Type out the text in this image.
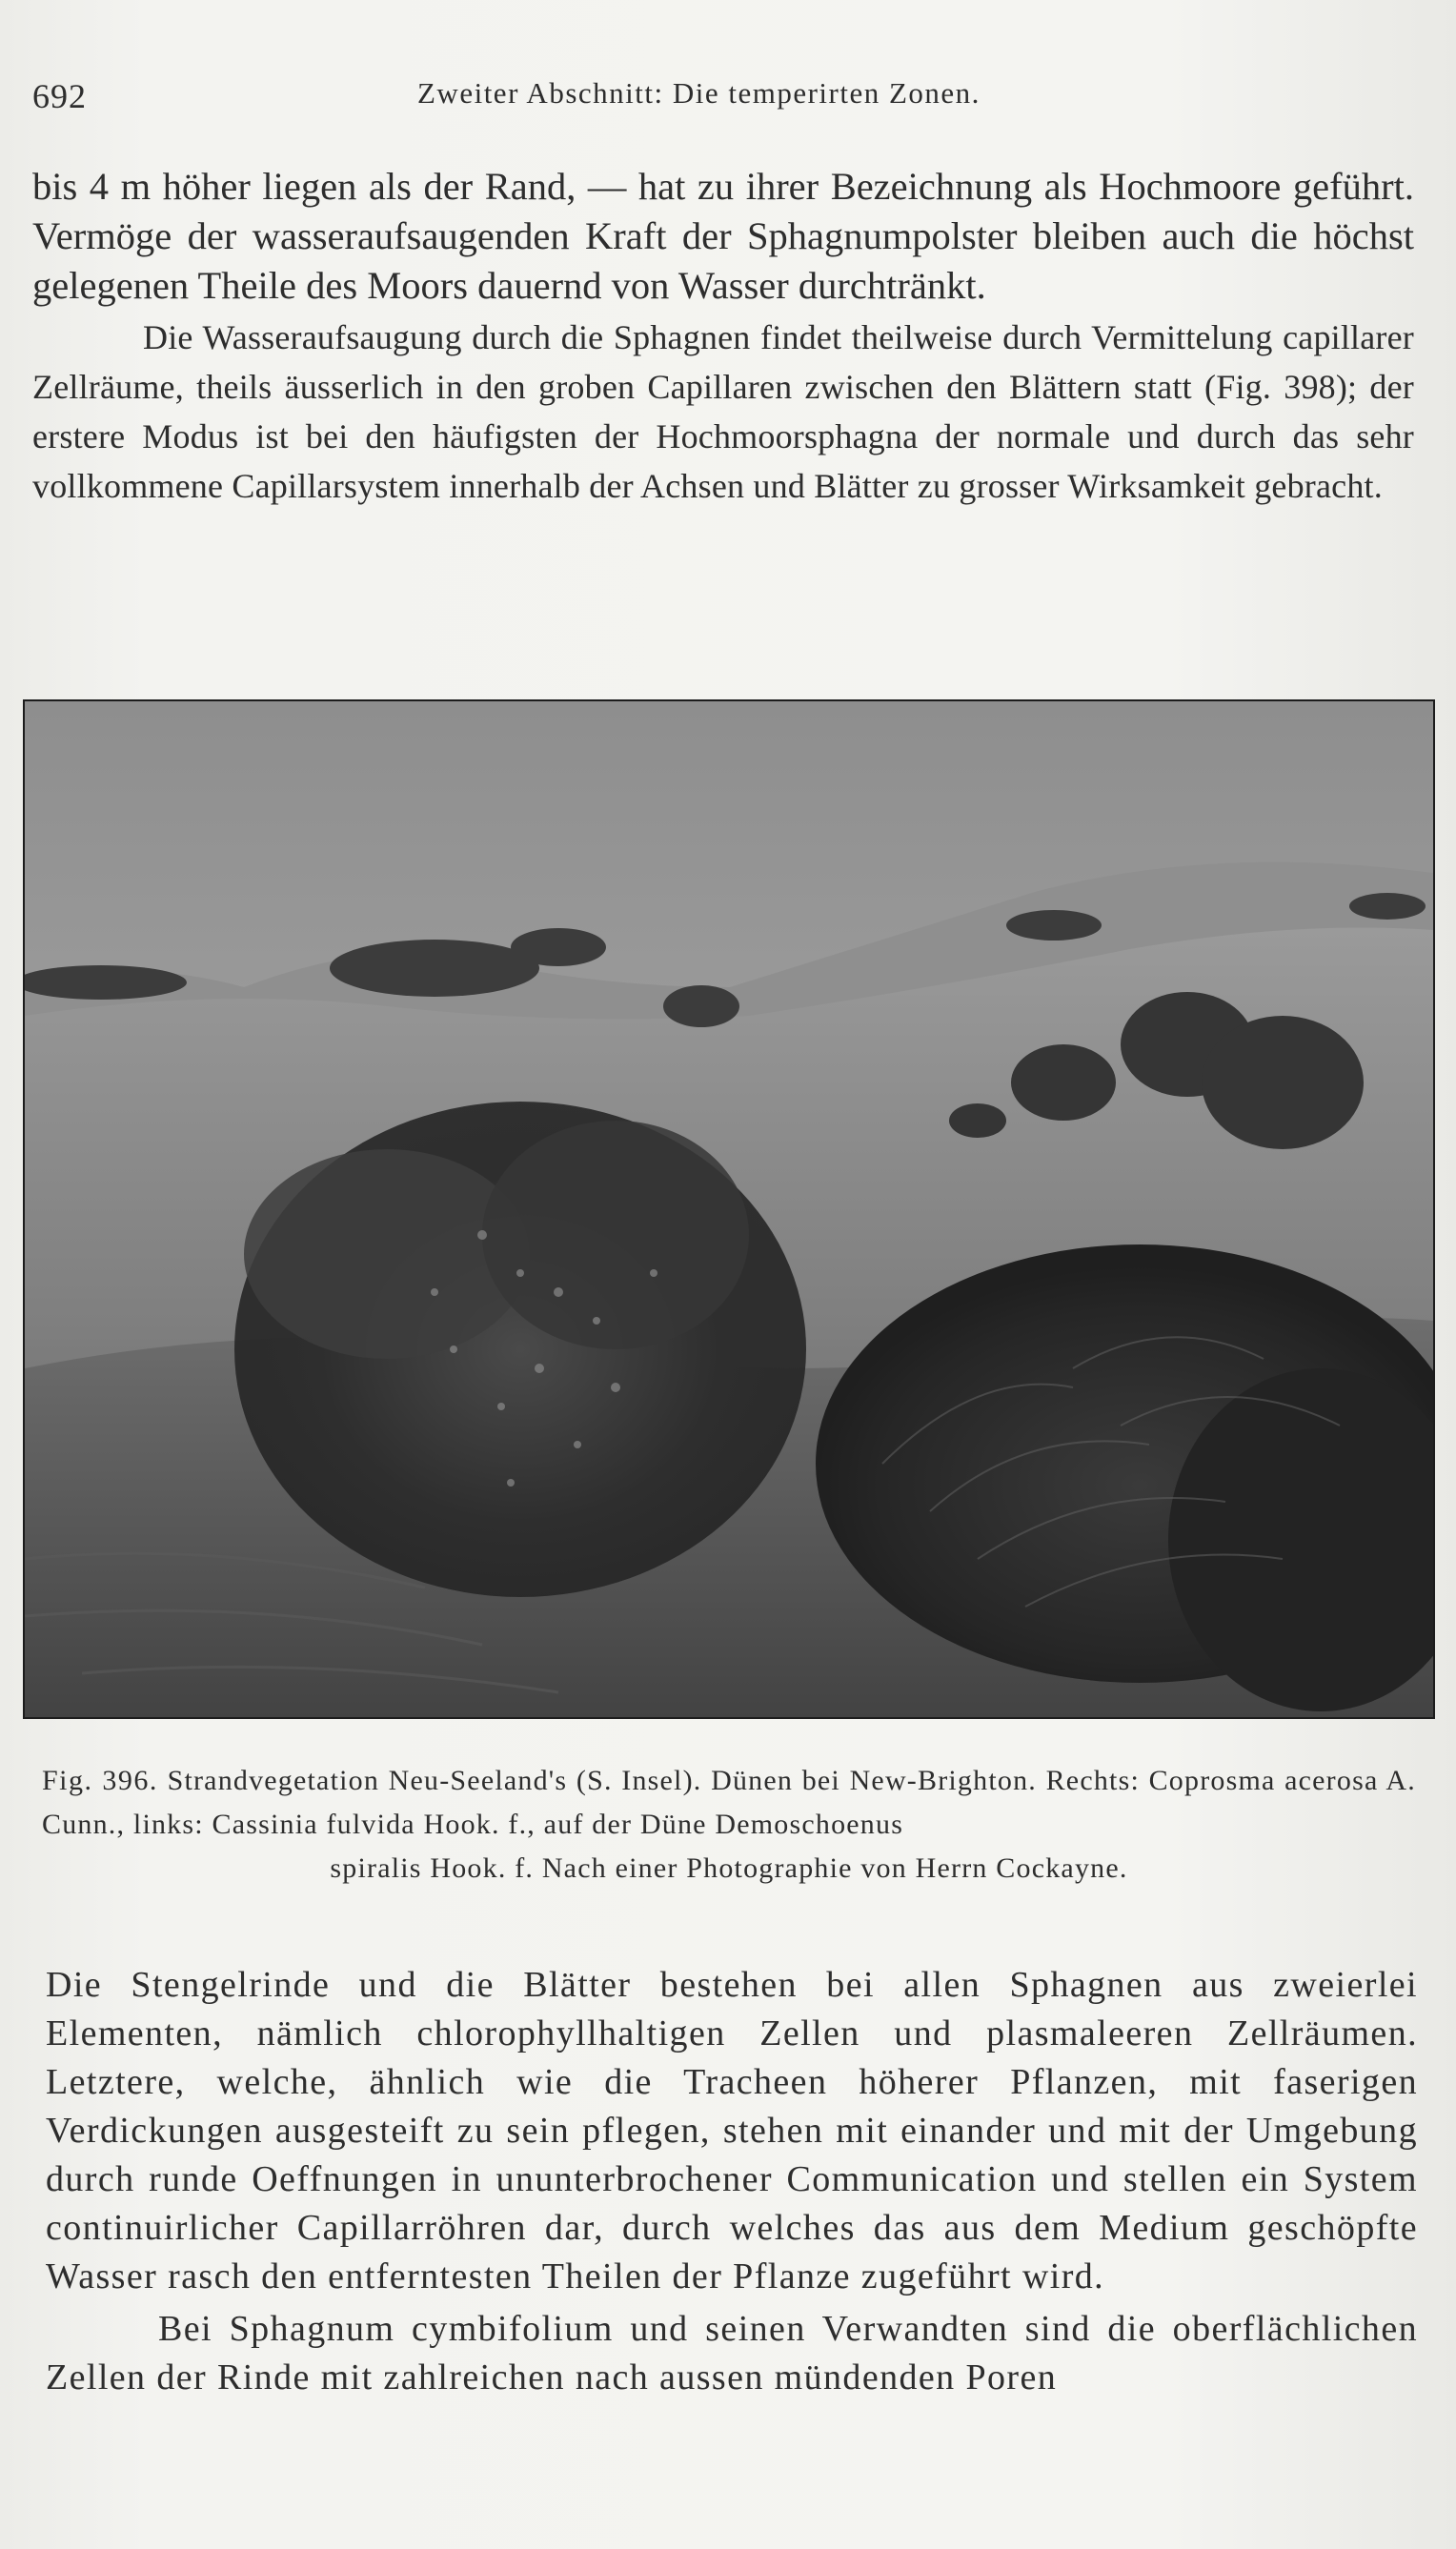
692	Zweiter Abschnitt: Die temperirten Zonen.

bis 4 m höher liegen als der Rand, — hat zu ihrer Bezeichnung als Hochmoore geführt. Vermöge der wasseraufsaugenden Kraft der Sphagnumpolster bleiben auch die höchst gelegenen Theile des Moors dauernd von Wasser durchtränkt.

Die Wasseraufsaugung durch die Sphagnen findet theilweise durch Vermittelung capillarer Zellräume, theils äusserlich in den groben Capillaren zwischen den Blättern statt (Fig. 398); der erstere Modus ist bei den häufigsten der Hochmoorsphagna der normale und durch das sehr vollkommene Capillarsystem innerhalb der Achsen und Blätter zu grosser Wirksamkeit gebracht.

Fig. 396. Strandvegetation Neu-Seeland's (S. Insel). Dünen bei New-Brighton. Rechts: Coprosma acerosa A. Cunn., links: Cassinia fulvida Hook. f., auf der Düne Demoschoenus
spiralis Hook. f. Nach einer Photographie von Herrn Cockayne.

Die Stengelrinde und die Blätter bestehen bei allen Sphagnen aus zweierlei Elementen, nämlich chlorophyllhaltigen Zellen und plasmaleeren Zellräumen. Letztere, welche, ähnlich wie die Tracheen höherer Pflanzen, mit faserigen Verdickungen ausgesteift zu sein pflegen, stehen mit einander und mit der Umgebung durch runde Oeffnungen in ununterbrochener Communication und stellen ein System continuirlicher Capillarröhren dar, durch welches das aus dem Medium geschöpfte Wasser rasch den entferntesten Theilen der Pflanze zugeführt wird.

Bei Sphagnum cymbifolium und seinen Verwandten sind die oberflächlichen Zellen der Rinde mit zahlreichen nach aussen mündenden Poren
